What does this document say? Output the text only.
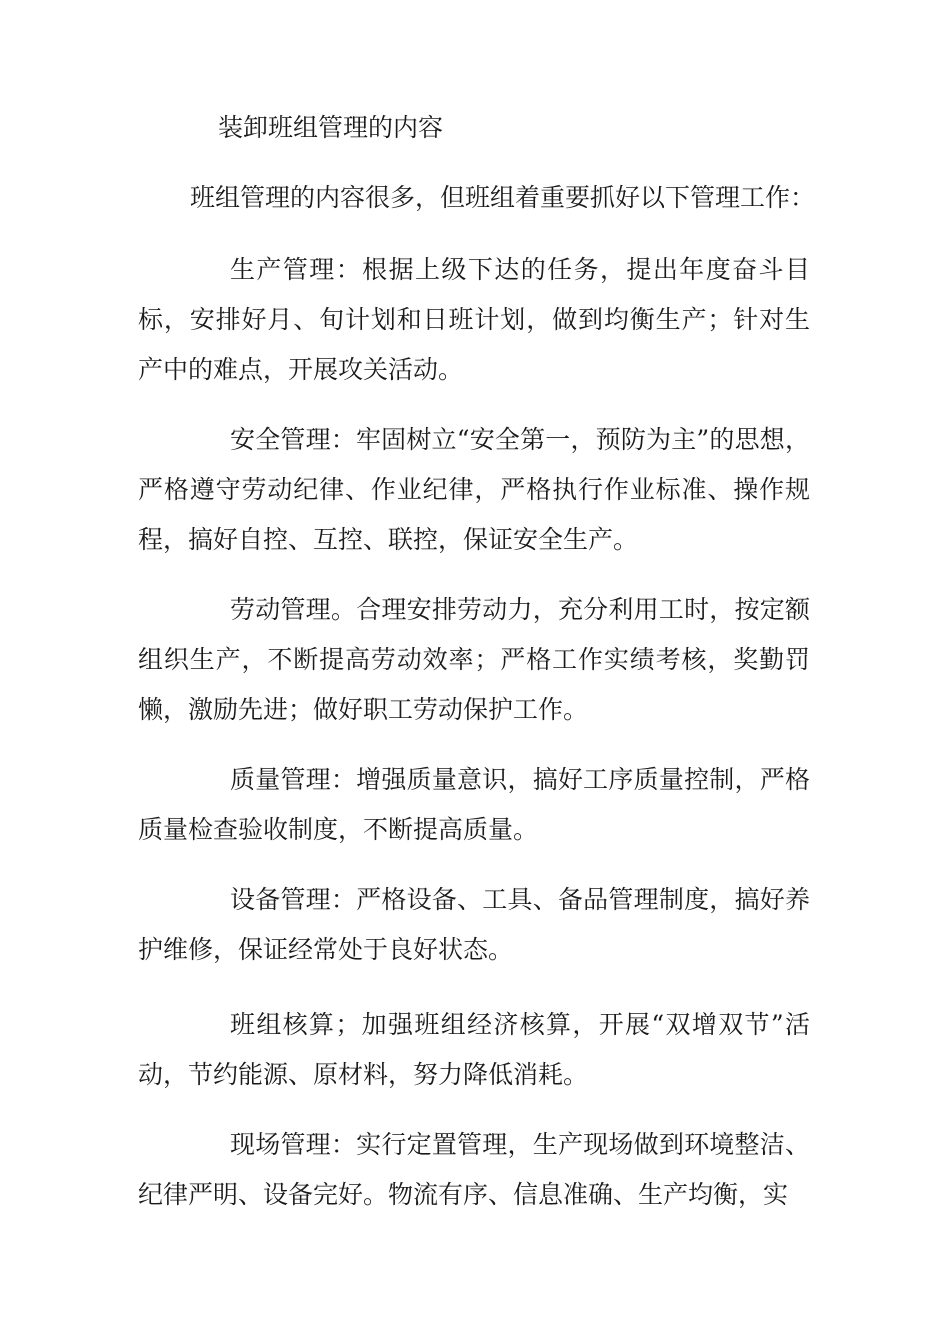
装卸班组管理的内容

班组管理的内容很多，但班组着重要抓好以下管理工作：

生产管理：根据上级下达的任务，提出年度奋斗目标，安排好月、旬计划和日班计划，做到均衡生产；针对生产中的难点，开展攻关活动。

安全管理：牢固树立“安全第一，预防为主”的思想，严格遵守劳动纪律、作业纪律，严格执行作业标准、操作规程，搞好自控、互控、联控，保证安全生产。

劳动管理。合理安排劳动力，充分利用工时，按定额组织生产，不断提高劳动效率；严格工作实绩考核，奖勤罚懒，激励先进；做好职工劳动保护工作。

质量管理：增强质量意识，搞好工序质量控制，严格质量检查验收制度，不断提高质量。

设备管理：严格设备、工具、备品管理制度，搞好养护维修，保证经常处于良好状态。

班组核算；加强班组经济核算，开展“双增双节”活动，节约能源、原材料，努力降低消耗。

现场管理：实行定置管理，生产现场做到环境整洁、纪律严明、设备完好。物流有序、信息准确、生产均衡，实
